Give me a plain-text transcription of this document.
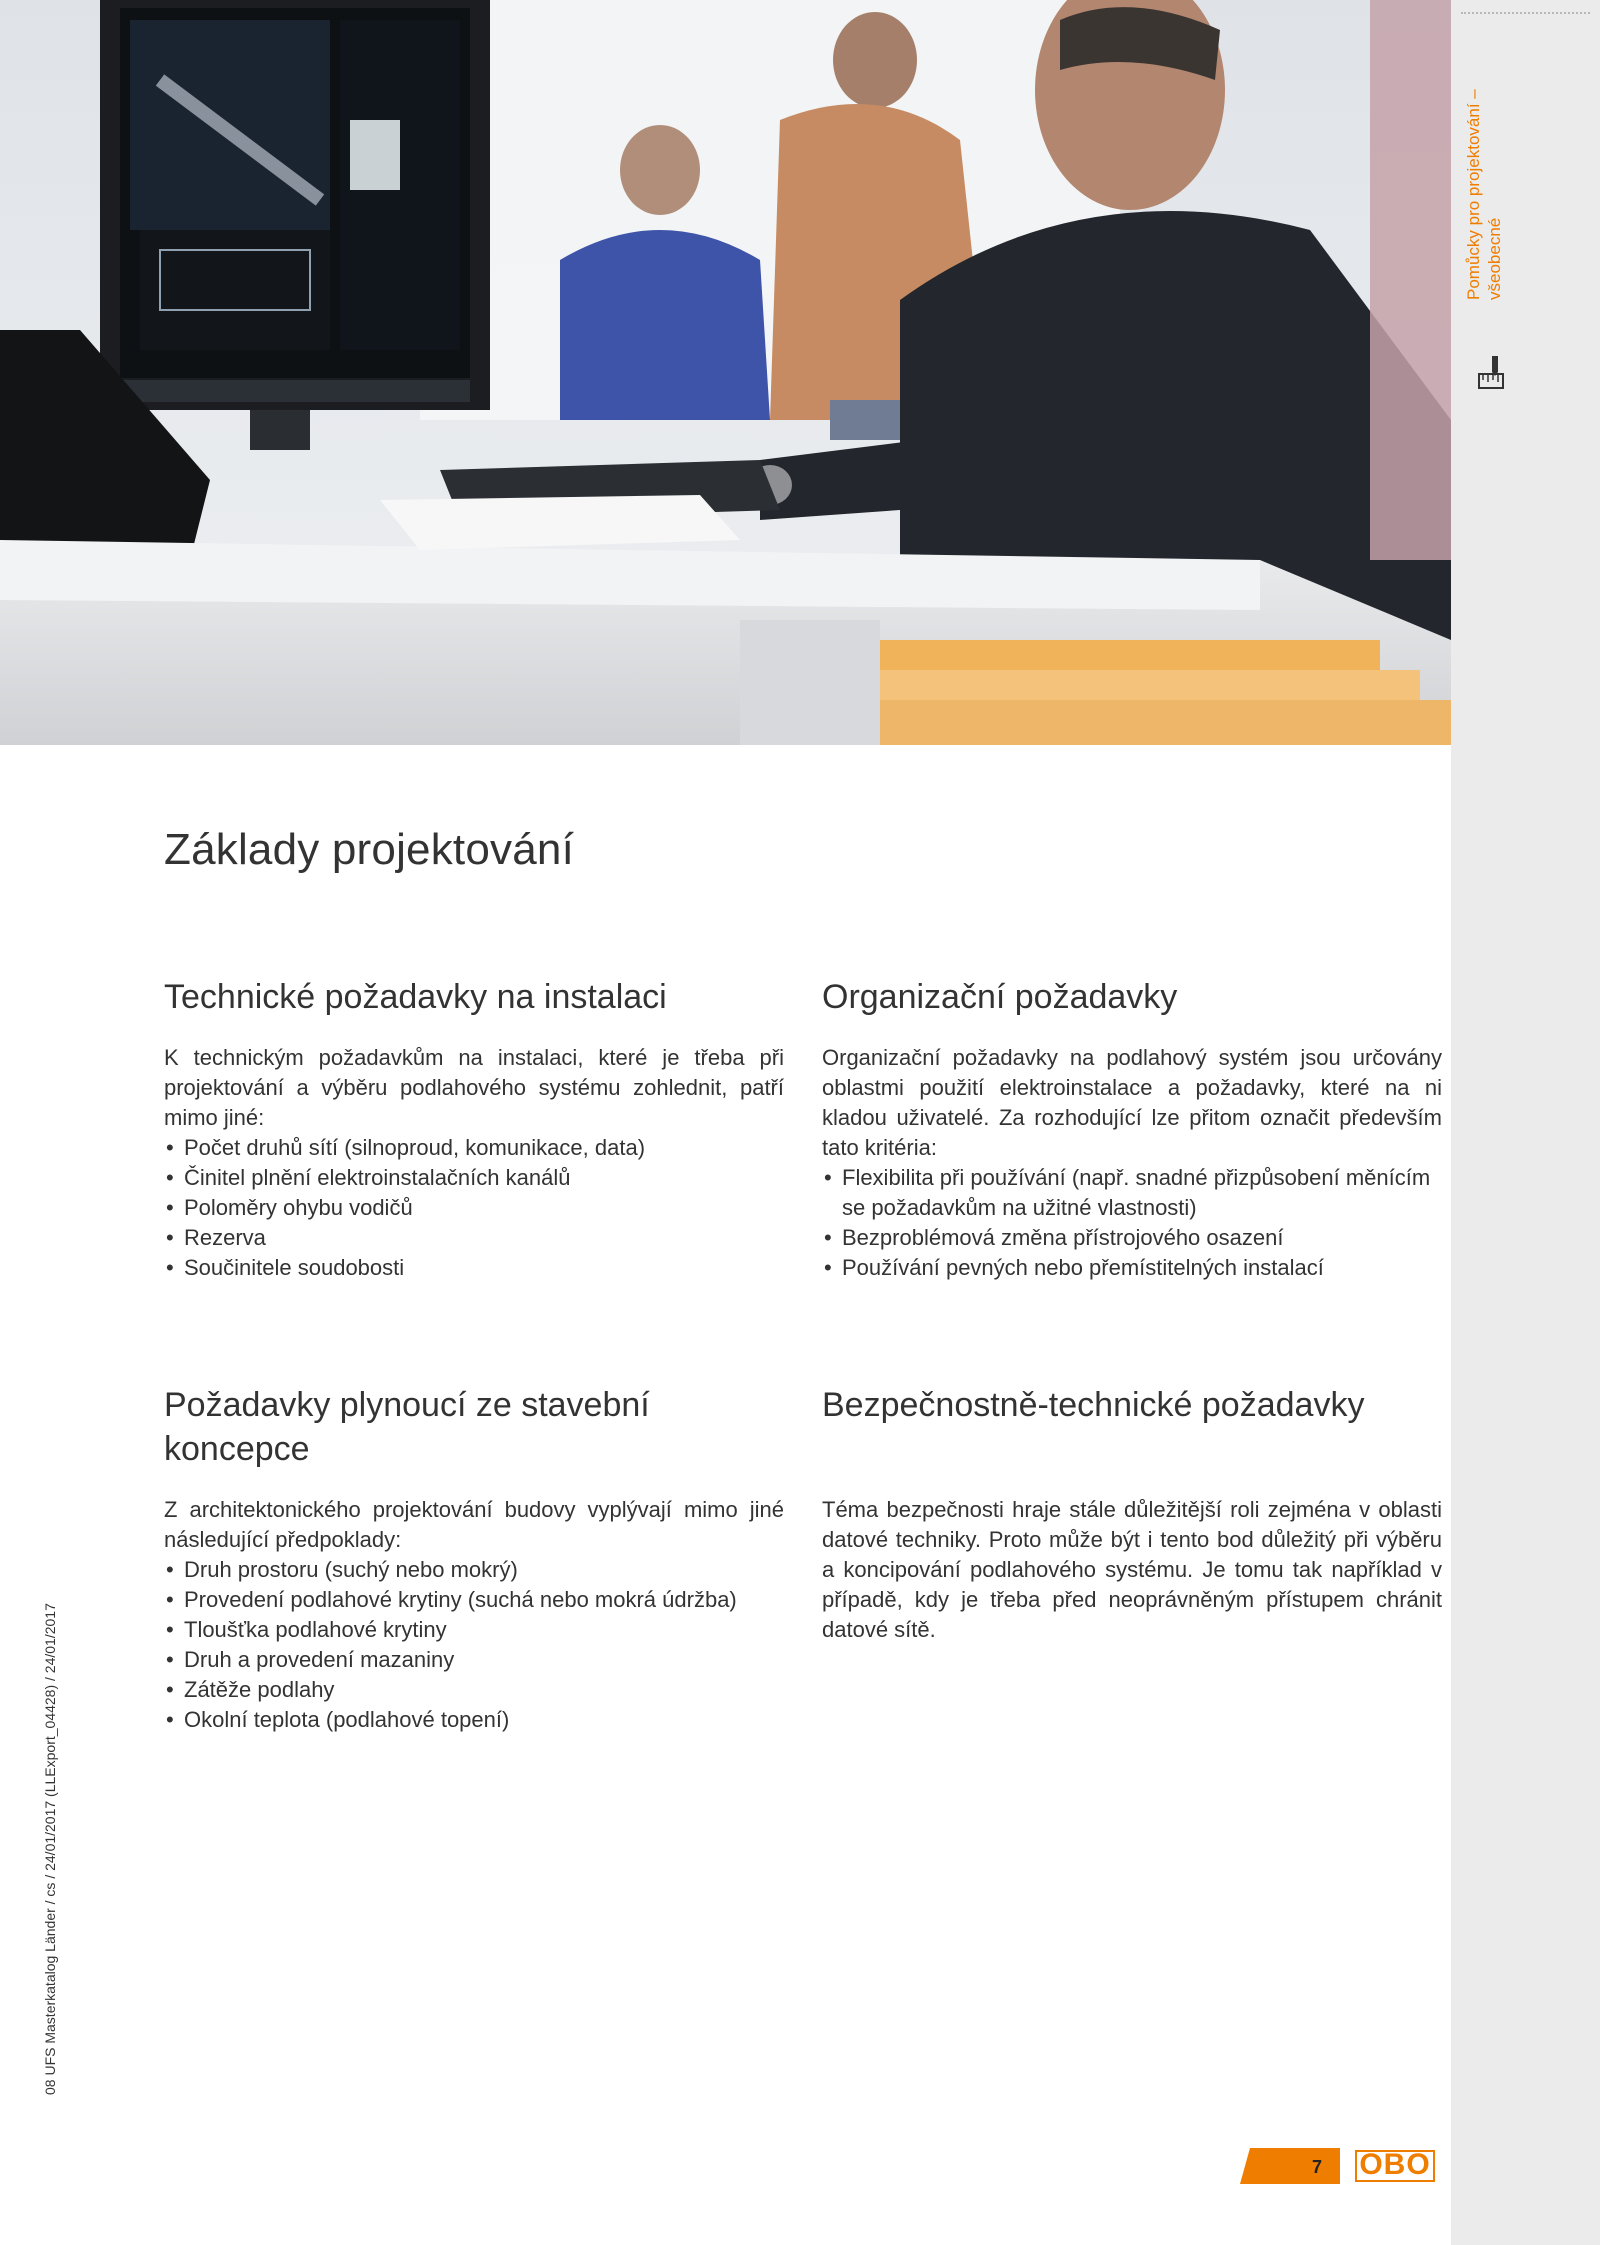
Pomůcky pro projektování – všeobecné
Základy projektování
Technické požadavky na instalaci

K technickým požadavkům na instalaci, které je třeba při projektování a výběru podlahového systému zohlednit, patří mimo jiné:

• Počet druhů sítí (silnoproud, komunikace, data)
• Činitel plnění elektroinstalačních kanálů
• Poloměry ohybu vodičů
• Rezerva
• Součinitele soudobosti
Organizační požadavky

Organizační požadavky na podlahový systém jsou určovány oblastmi použití elektroinstalace a požadavky, které na ni kladou uživatelé. Za rozhodující lze přitom označit především tato kritéria:

• Flexibilita při používání (např. snadné přizpůsobení měnícím se požadavkům na užitné vlastnosti)
• Bezproblémová změna přístrojového osazení
• Používání pevných nebo přemístitelných instalací
Požadavky plynoucí ze stavební koncepce

Z architektonického projektování budovy vyplývají mimo jiné následující předpoklady:

• Druh prostoru (suchý nebo mokrý)
• Provedení podlahové krytiny (suchá nebo mokrá údržba)
• Tloušťka podlahové krytiny
• Druh a provedení mazaniny
• Zátěže podlahy
• Okolní teplota (podlahové topení)
Bezpečnostně-technické požadavky

Téma bezpečnosti hraje stále důležitější roli zejména v oblasti datové techniky. Proto může být i tento bod důležitý při výběru a koncipování podlahového systému. Je tomu tak například v případě, kdy je třeba před neoprávněným přístupem chránit datové sítě.

08 UFS Masterkatalog Länder / cs / 24/01/2017 (LLExport_04428) / 24/01/2017
7	OBO
